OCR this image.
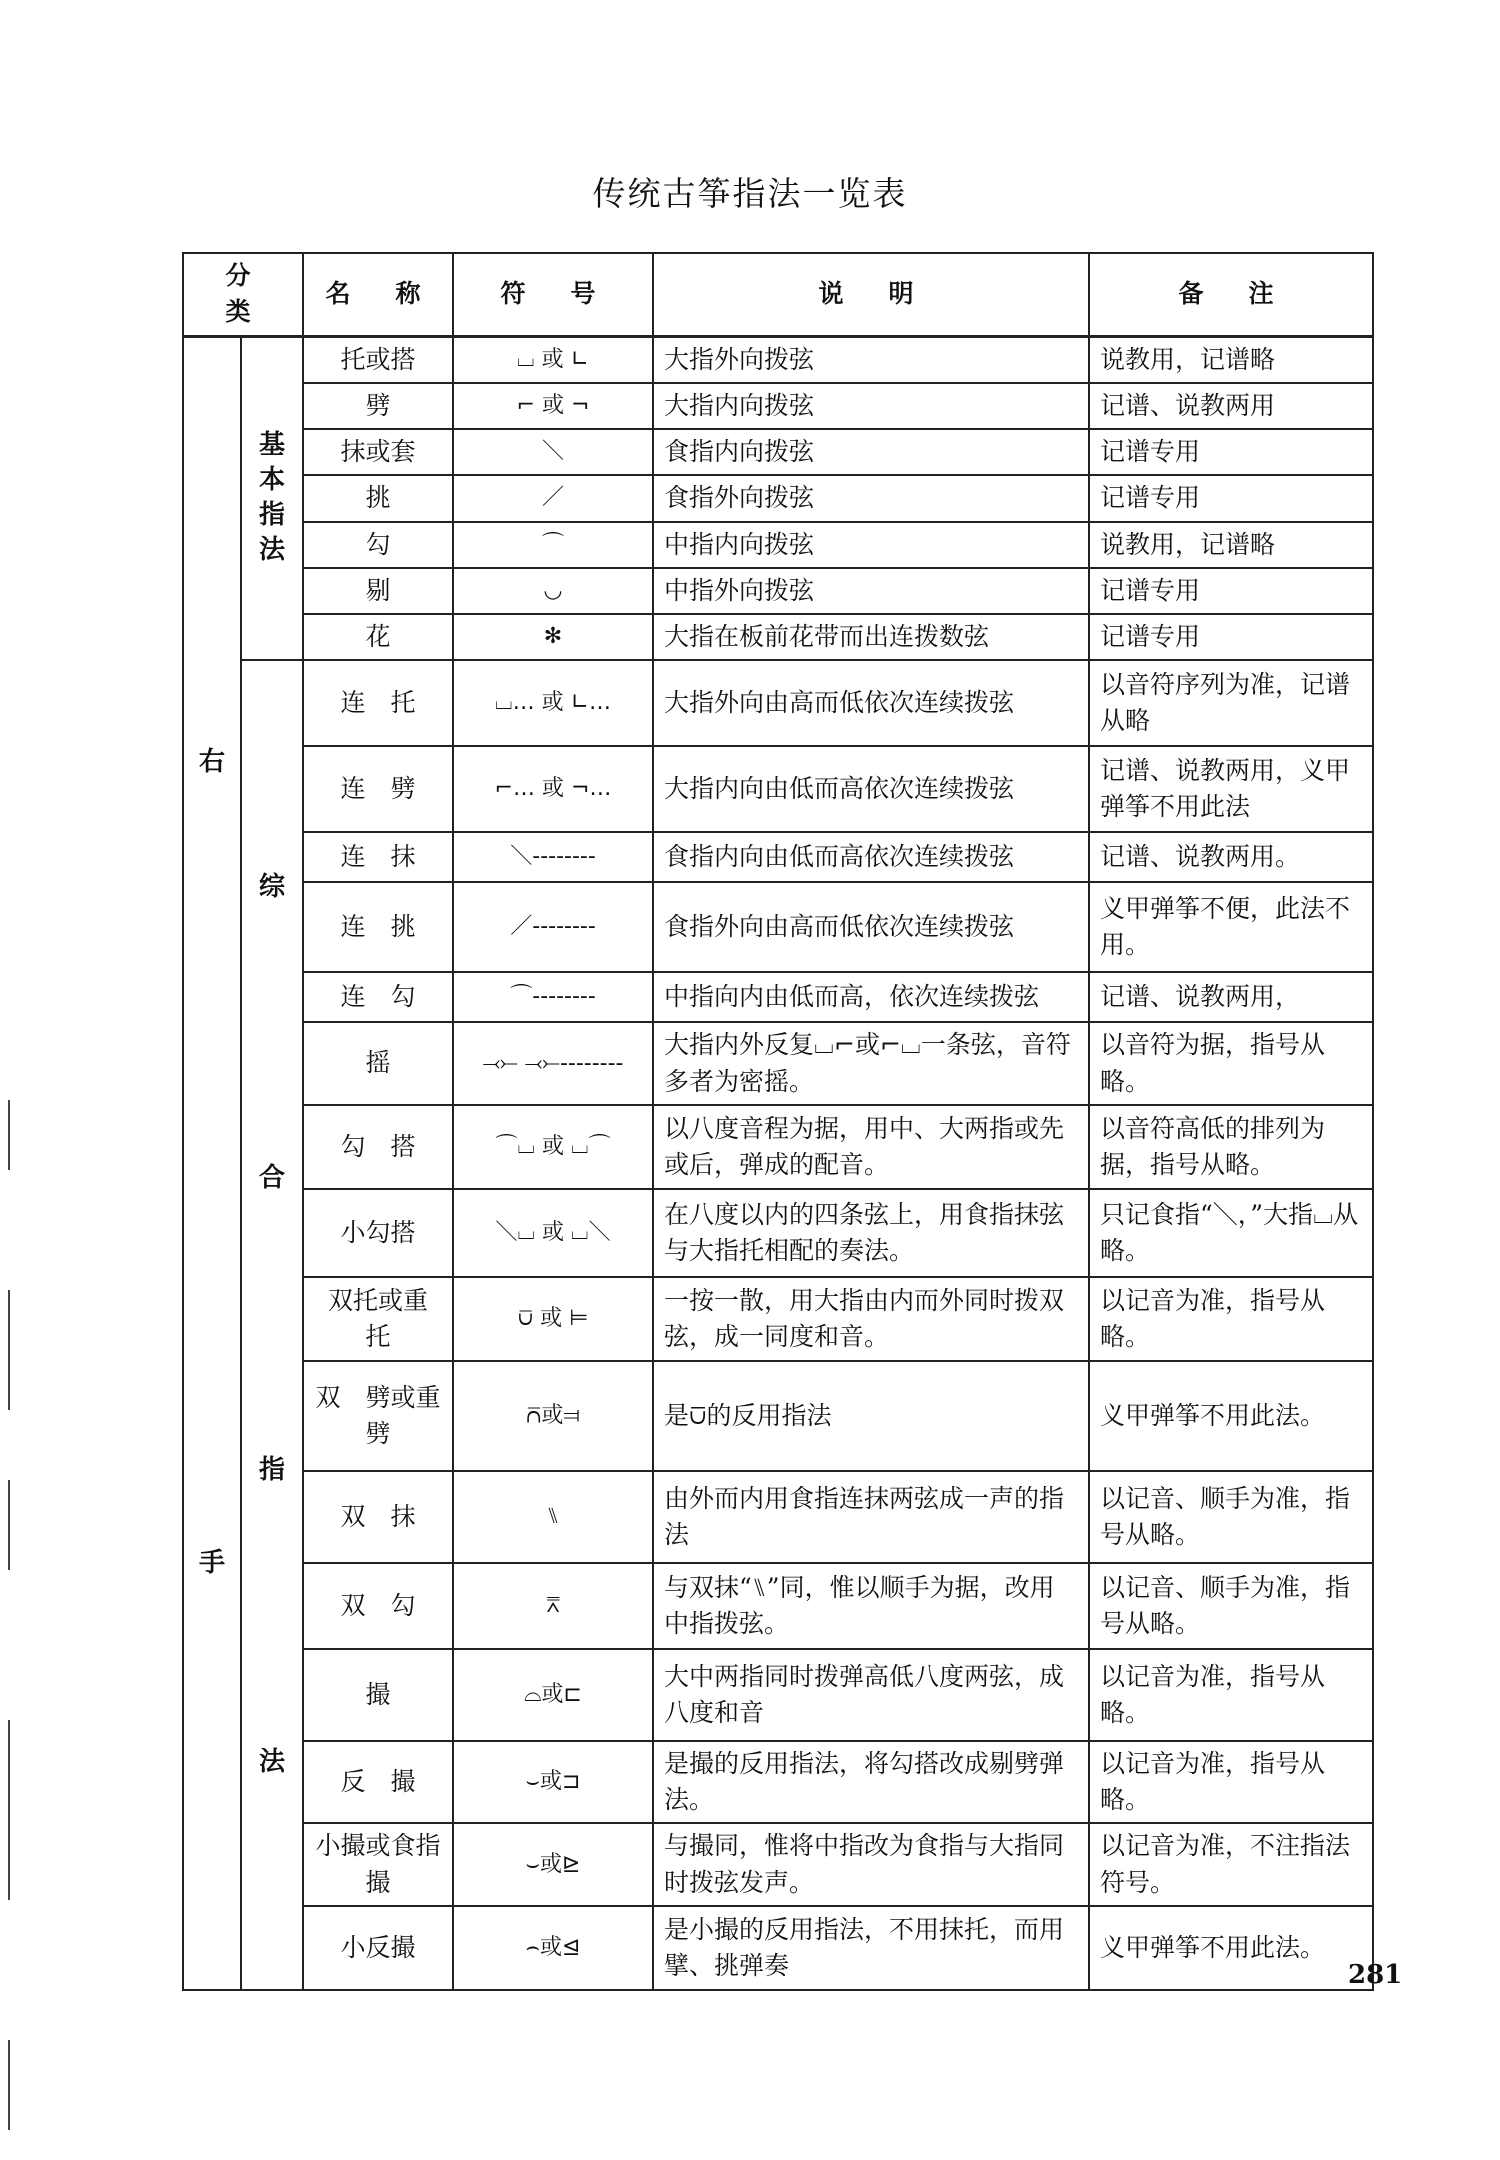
传统古筝指法一览表
分　类		名　称	符　号	说　明	备　注

右
手	基本指法	托或搭	⌴ 或 ∟	大指外向拨弦	说教用，记谱略
		劈	⌐ 或 ¬	大指内向拨弦	记谱、说教两用
		抹或套	＼	食指内向拨弦	记谱专用
		挑	／	食指外向拨弦	记谱专用
		勾	⌒	中指内向拨弦	说教用，记谱略
		剔	◡	中指外向拨弦	记谱专用
		花	✻	大指在板前花带而出连拨数弦	记谱专用

	综
合
指
法	连　托	⌴… 或 ∟…	大指外向由高而低依次连续拨弦	以音符序列为准，记谱从略
		连　劈	⌐… 或 ¬…	大指内向由低而高依次连续拨弦	记谱、说教两用，义甲弹筝不用此法
		连　抹	＼--------	食指内向由低而高依次连续拨弦	记谱、说教两用。
		连　挑	／--------	食指外向由高而低依次连续拨弦	义甲弹筝不便，此法不用。
		连　勾	⌒--------	中指向内由低而高，依次连续拨弦	记谱、说教两用，
		摇	⤙⤚ ⤙⤚--------	大指内外反复⌴⌐或⌐⌴一条弦，音符多者为密摇。	以音符为据，指号从略。
		勾　搭	⌒⌴ 或 ⌴⌒	以八度音程为据，用中、大两指或先或后，弹成的配音。	以音符高低的排列为据，指号从略。
		小勾搭	＼⌴ 或 ⌴＼	在八度以内的四条弦上，用食指抹弦与大指托相配的奏法。	只记食指“＼，”大指⌴从略。
		双托或重　托	⩂ 或 ⊨	一按一散，用大指由内而外同时拨双弦，成一同度和音。	以记音为准，指号从略。
		双　劈或重　劈	⩃或⫤	是⩂的反用指法	义甲弹筝不用此法。
		双　抹	⑊	由外而内用食指连抹两弦成一声的指法	以记音、顺手为准，指号从略。
		双　勾	⩞	与双抹“⑊”同，惟以顺手为据，改用中指拨弦。	以记音、顺手为准，指号从略。
		撮	⌓或⊏	大中两指同时拨弹高低八度两弦，成八度和音	以记音为准，指号从略。
		反　撮	⌣或⊐	是撮的反用指法，将勾搭改成剔劈弹法。	以记音为准，指号从略。
		小撮或食指撮	⌣或⊵	与撮同，惟将中指改为食指与大指同时拨弦发声。	以记音为准，不注指法符号。
		小反撮	⌢或⊴	是小撮的反用指法，不用抹托，而用擘、挑弹奏	义甲弹筝不用此法。
281
